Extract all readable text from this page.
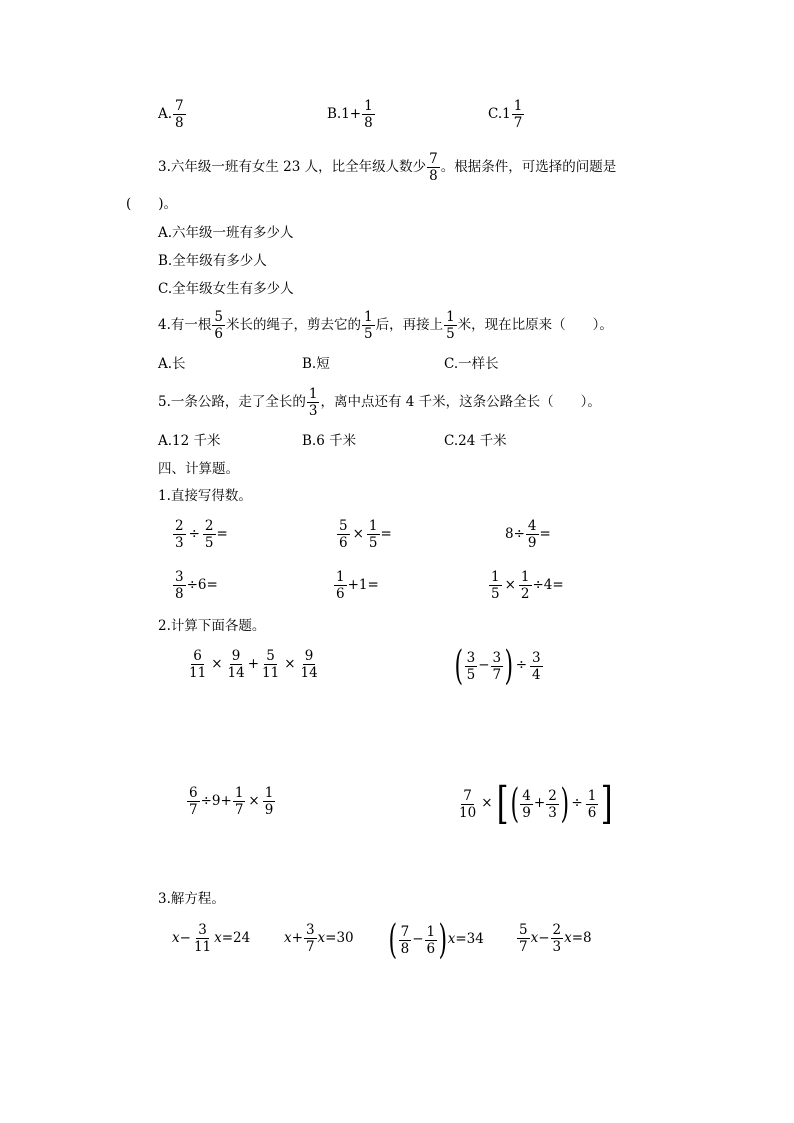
A. $\frac{7}{8}$	$B.1+ \frac{1}{8}$	$C.1 \frac{1}{7}$
3.六年级一班有女生 23 人，比全年级人数少 $\frac{7}{8}$ 。根据条件，可选择的问题是
(　　)。
A.六年级一班有多少人
B.全年级有多少人
C.全年级女生有多少人
4.有一根 $\frac{5}{6}$ 米长的绳子，剪去它的 $\frac{1}{5}$ 后，再接上 $\frac{1}{5}$ 米，现在比原来（　　）。
A.长	B.短	C.一样长
5.一条公路，走了全长的 $\frac{1}{3}$ ，离中点还有 4 千米，这条公路全长（　　）。
A.12 千米	B.6 千米	C.24 千米
四、计算题。
1.直接写得数。
$\frac{2}{3} \div \frac{2}{5}$ =	$\frac{5}{6} \times \frac{1}{5}$ =	$8\div \frac{4}{9}$ =
$\frac{3}{8} \div 6=$	$\frac{1}{6} +1=$	$\frac{1}{5} \times \frac{1}{2} \div 4=$
2.计算下面各题。
$\frac{6}{11} \times \frac{9}{14} + \frac{5}{11} \times \frac{9}{14}$	( $\frac{3}{5} - \frac{3}{7}$ ) ÷ $\frac{3}{4}$
$\frac{6}{7} \div 9+ \frac{1}{7} \times \frac{1}{9}$	$\frac{7}{10}$ × [ ( $\frac{4}{9} + \frac{2}{3}$ ) ÷ $\frac{1}{6}$ ]
3.解方程。
$x - \frac{3}{11}$ x =24	$x + \frac{3}{7}$ x =30 ( $\frac{7}{8} - \frac{1}{6}$ ) $x =34 \frac{5}{7}$ $x - \frac{2}{3}$ x =8
